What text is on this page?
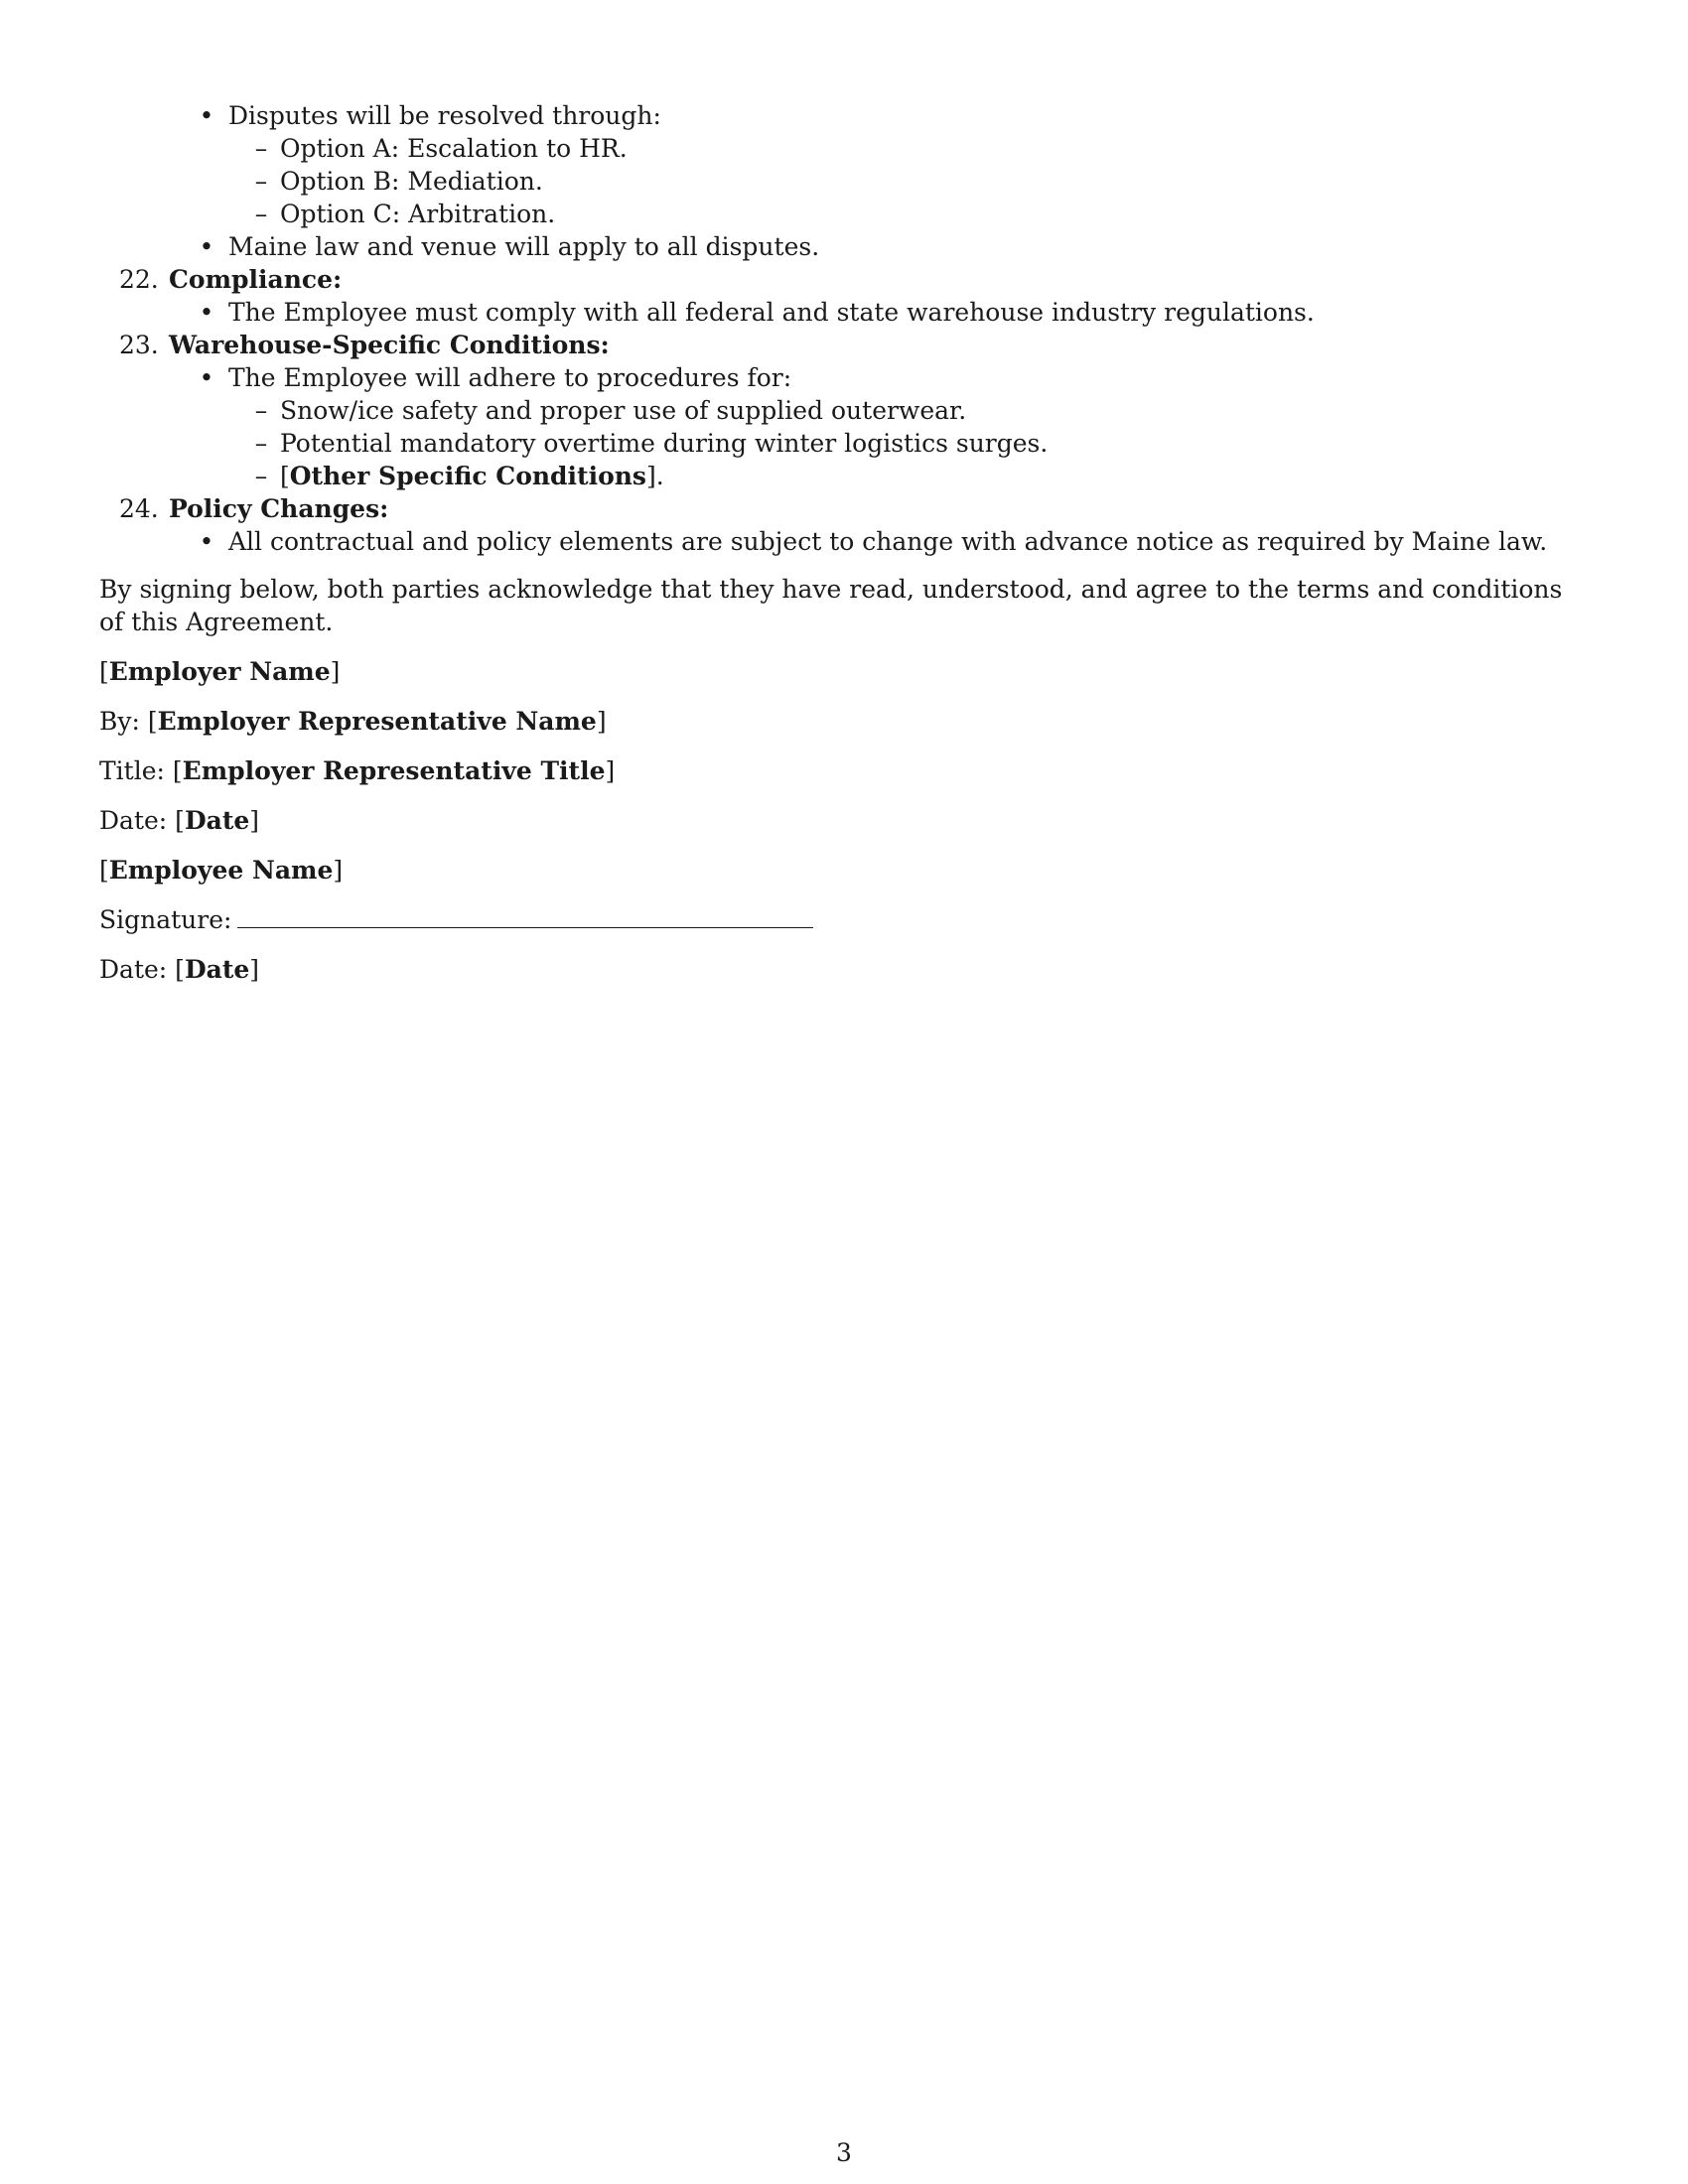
• Disputes will be resolved through:
– Option A: Escalation to HR.
– Option B: Mediation.
– Option C: Arbitration.
• Maine law and venue will apply to all disputes.
22. Compliance:
• The Employee must comply with all federal and state warehouse industry regulations.
23. Warehouse-Specific Conditions:
• The Employee will adhere to procedures for:
– Snow/ice safety and proper use of supplied outerwear.
– Potential mandatory overtime during winter logistics surges.
– [Other Specific Conditions].
24. Policy Changes:
• All contractual and policy elements are subject to change with advance notice as required by Maine law.
By signing below, both parties acknowledge that they have read, understood, and agree to the terms and conditions of this Agreement.
[Employer Name]
By: [Employer Representative Name]
Title: [Employer Representative Title]
Date: [Date]
[Employee Name]
Signature:
Date: [Date]
3
